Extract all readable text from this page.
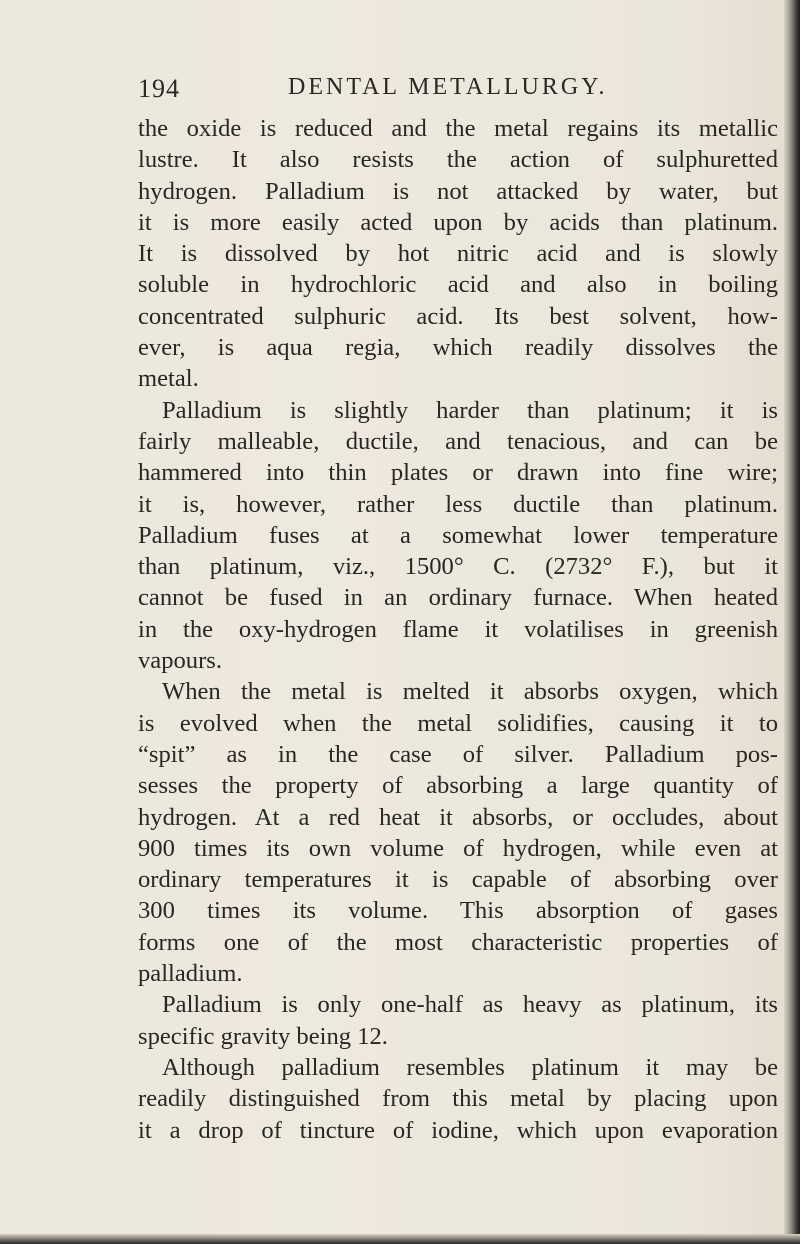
194	DENTAL METALLURGY.
the oxide is reduced and the metal regains its metallic
lustre. It also resists the action of sulphuretted
hydrogen. Palladium is not attacked by water, but
it is more easily acted upon by acids than platinum.
It is dissolved by hot nitric acid and is slowly
soluble in hydrochloric acid and also in boiling
concentrated sulphuric acid. Its best solvent, how-
ever, is aqua regia, which readily dissolves the
metal.
Palladium is slightly harder than platinum; it is
fairly malleable, ductile, and tenacious, and can be
hammered into thin plates or drawn into fine wire;
it is, however, rather less ductile than platinum.
Palladium fuses at a somewhat lower temperature
than platinum, viz., 1500° C. (2732° F.), but it
cannot be fused in an ordinary furnace. When heated
in the oxy-hydrogen flame it volatilises in greenish
vapours.
When the metal is melted it absorbs oxygen, which
is evolved when the metal solidifies, causing it to
“spit” as in the case of silver. Palladium pos-
sesses the property of absorbing a large quantity of
hydrogen. At a red heat it absorbs, or occludes, about
900 times its own volume of hydrogen, while even at
ordinary temperatures it is capable of absorbing over
300 times its volume. This absorption of gases
forms one of the most characteristic properties of
palladium.
Palladium is only one-half as heavy as platinum, its
specific gravity being 12.
Although palladium resembles platinum it may be
readily distinguished from this metal by placing upon
it a drop of tincture of iodine, which upon evaporation
